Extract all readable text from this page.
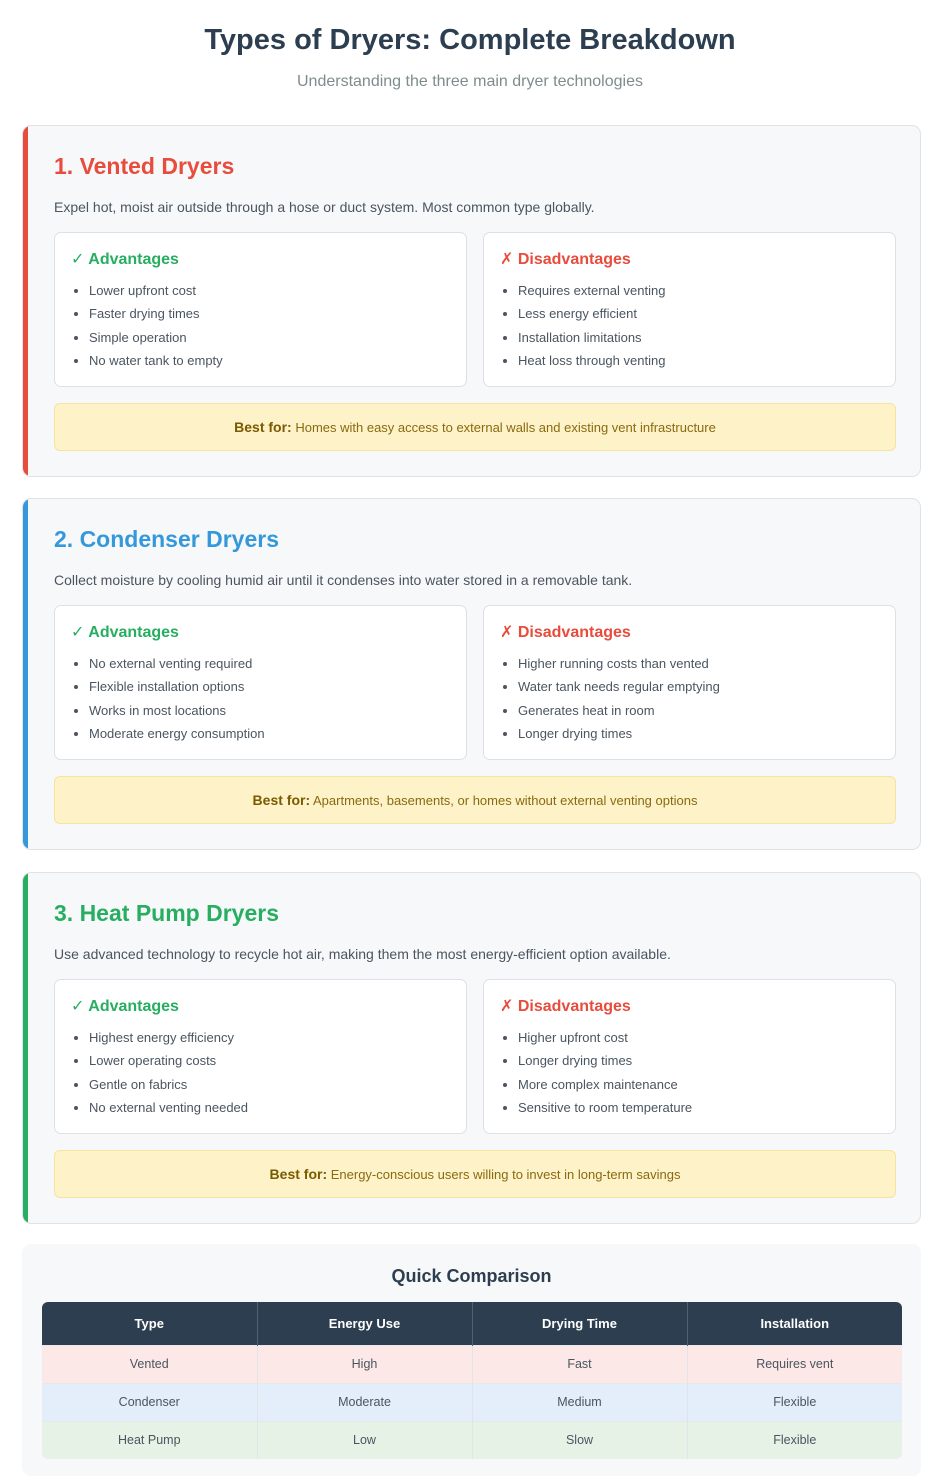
Types of Dryers: Complete Breakdown

Understanding the three main dryer technologies

1. Vented Dryers

Expel hot, moist air outside through a hose or duct system. Most common type globally.

✓ Advantages
• Lower upfront cost
• Faster drying times
• Simple operation
• No water tank to empty
✗ Disadvantages
• Requires external venting
• Less energy efficient
• Installation limitations
• Heat loss through venting
Best for: Homes with easy access to external walls and existing vent infrastructure
2. Condenser Dryers

Collect moisture by cooling humid air until it condenses into water stored in a removable tank.

✓ Advantages
• No external venting required
• Flexible installation options
• Works in most locations
• Moderate energy consumption
✗ Disadvantages
• Higher running costs than vented
• Water tank needs regular emptying
• Generates heat in room
• Longer drying times
Best for: Apartments, basements, or homes without external venting options
3. Heat Pump Dryers

Use advanced technology to recycle hot air, making them the most energy-efficient option available.

✓ Advantages
• Highest energy efficiency
• Lower operating costs
• Gentle on fabrics
• No external venting needed
✗ Disadvantages
• Higher upfront cost
• Longer drying times
• More complex maintenance
• Sensitive to room temperature
Best for: Energy-conscious users willing to invest in long-term savings
Quick Comparison
Type	Energy Use	Drying Time	Installation
Vented	High	Fast	Requires vent
Condenser	Moderate	Medium	Flexible
Heat Pump	Low	Slow	Flexible
